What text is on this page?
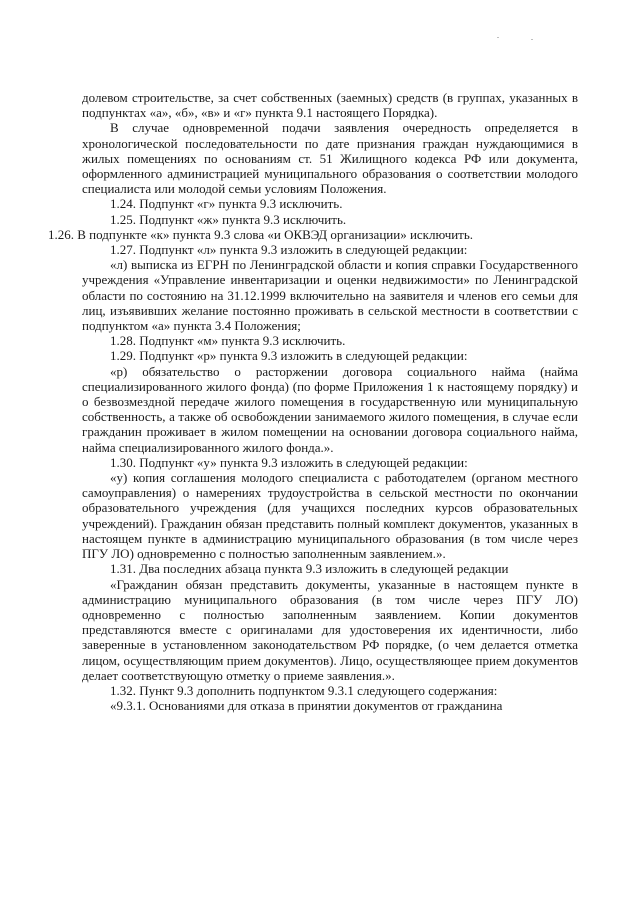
долевом строительстве, за счет собственных (заемных) средств (в группах, указанных в подпунктах «а», «б», «в» и «г» пункта 9.1 настоящего Порядка).

В случае одновременной подачи заявления очередность определяется в хронологической последовательности по дате признания граждан нуждающимися в жилых помещениях по основаниям ст. 51 Жилищного кодекса РФ или документа, оформленного администрацией муниципального образования о соответствии молодого специалиста или молодой семьи условиям Положения.

1.24. Подпункт «г» пункта 9.3 исключить.

1.25. Подпункт «ж» пункта 9.3 исключить.

1.26. В подпункте «к» пункта 9.3 слова «и ОКВЭД организации» исключить.

1.27. Подпункт «л» пункта 9.3 изложить в следующей редакции:

«л) выписка из ЕГРН по Ленинградской области и копия справки Государственного учреждения «Управление инвентаризации и оценки недвижимости» по Ленинградской области по состоянию на 31.12.1999 включительно на заявителя и членов его семьи для лиц, изъявивших желание постоянно проживать в сельской местности в соответствии с подпунктом «а» пункта 3.4 Положения;

1.28. Подпункт «м» пункта 9.3 исключить.

1.29. Подпункт «р» пункта 9.3 изложить в следующей редакции:

«р) обязательство о расторжении договора социального найма (найма специализированного жилого фонда) (по форме Приложения 1 к настоящему порядку) и о безвозмездной передаче жилого помещения в государственную или муниципальную собственность, а также об освобождении занимаемого жилого помещения, в случае если гражданин проживает в жилом помещении на основании договора социального найма, найма специализированного жилого фонда.».

1.30. Подпункт «у» пункта 9.3 изложить в следующей редакции:

«у) копия соглашения молодого специалиста с работодателем (органом местного самоуправления) о намерениях трудоустройства в сельской местности по окончании образовательного учреждения (для учащихся последних курсов образовательных учреждений). Гражданин обязан представить полный комплект документов, указанных в настоящем пункте в администрацию муниципального образования (в том числе через ПГУ ЛО) одновременно с полностью заполненным заявлением.».

1.31. Два последних абзаца пункта 9.3 изложить в следующей редакции

«Гражданин обязан представить документы, указанные в настоящем пункте в администрацию муниципального образования (в том числе через ПГУ ЛО) одновременно с полностью заполненным заявлением. Копии документов представляются вместе с оригиналами для удостоверения их идентичности, либо заверенные в установленном законодательством РФ порядке, (о чем делается отметка лицом, осуществляющим прием документов). Лицо, осуществляющее прием документов делает соответствующую отметку о приеме заявления.».

1.32. Пункт 9.3 дополнить подпунктом 9.3.1 следующего содержания:

«9.3.1. Основаниями для отказа в принятии документов от гражданина
